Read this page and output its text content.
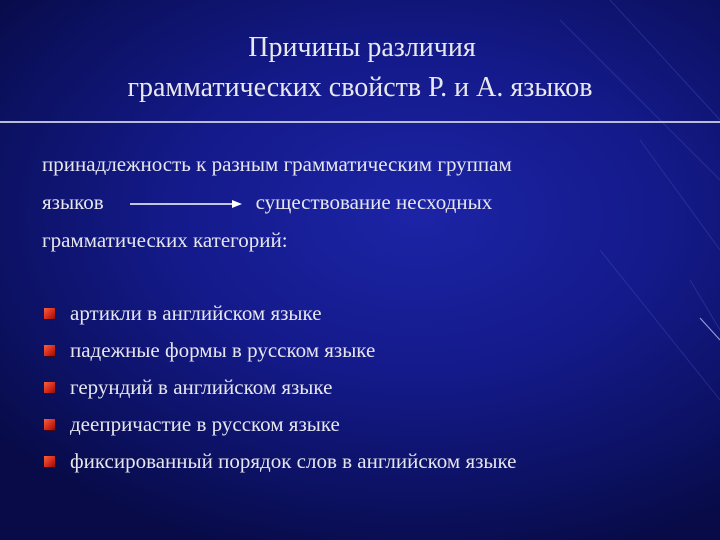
Причины различия
грамматических свойств Р. и А. языков
принадлежность к разным грамматическим группам
языков	существование несходных
грамматических категорий:
артикли в английском языке
падежные формы в русском языке
герундий в английском языке
деепричастие в русском языке
фиксированный порядок слов в английском языке
